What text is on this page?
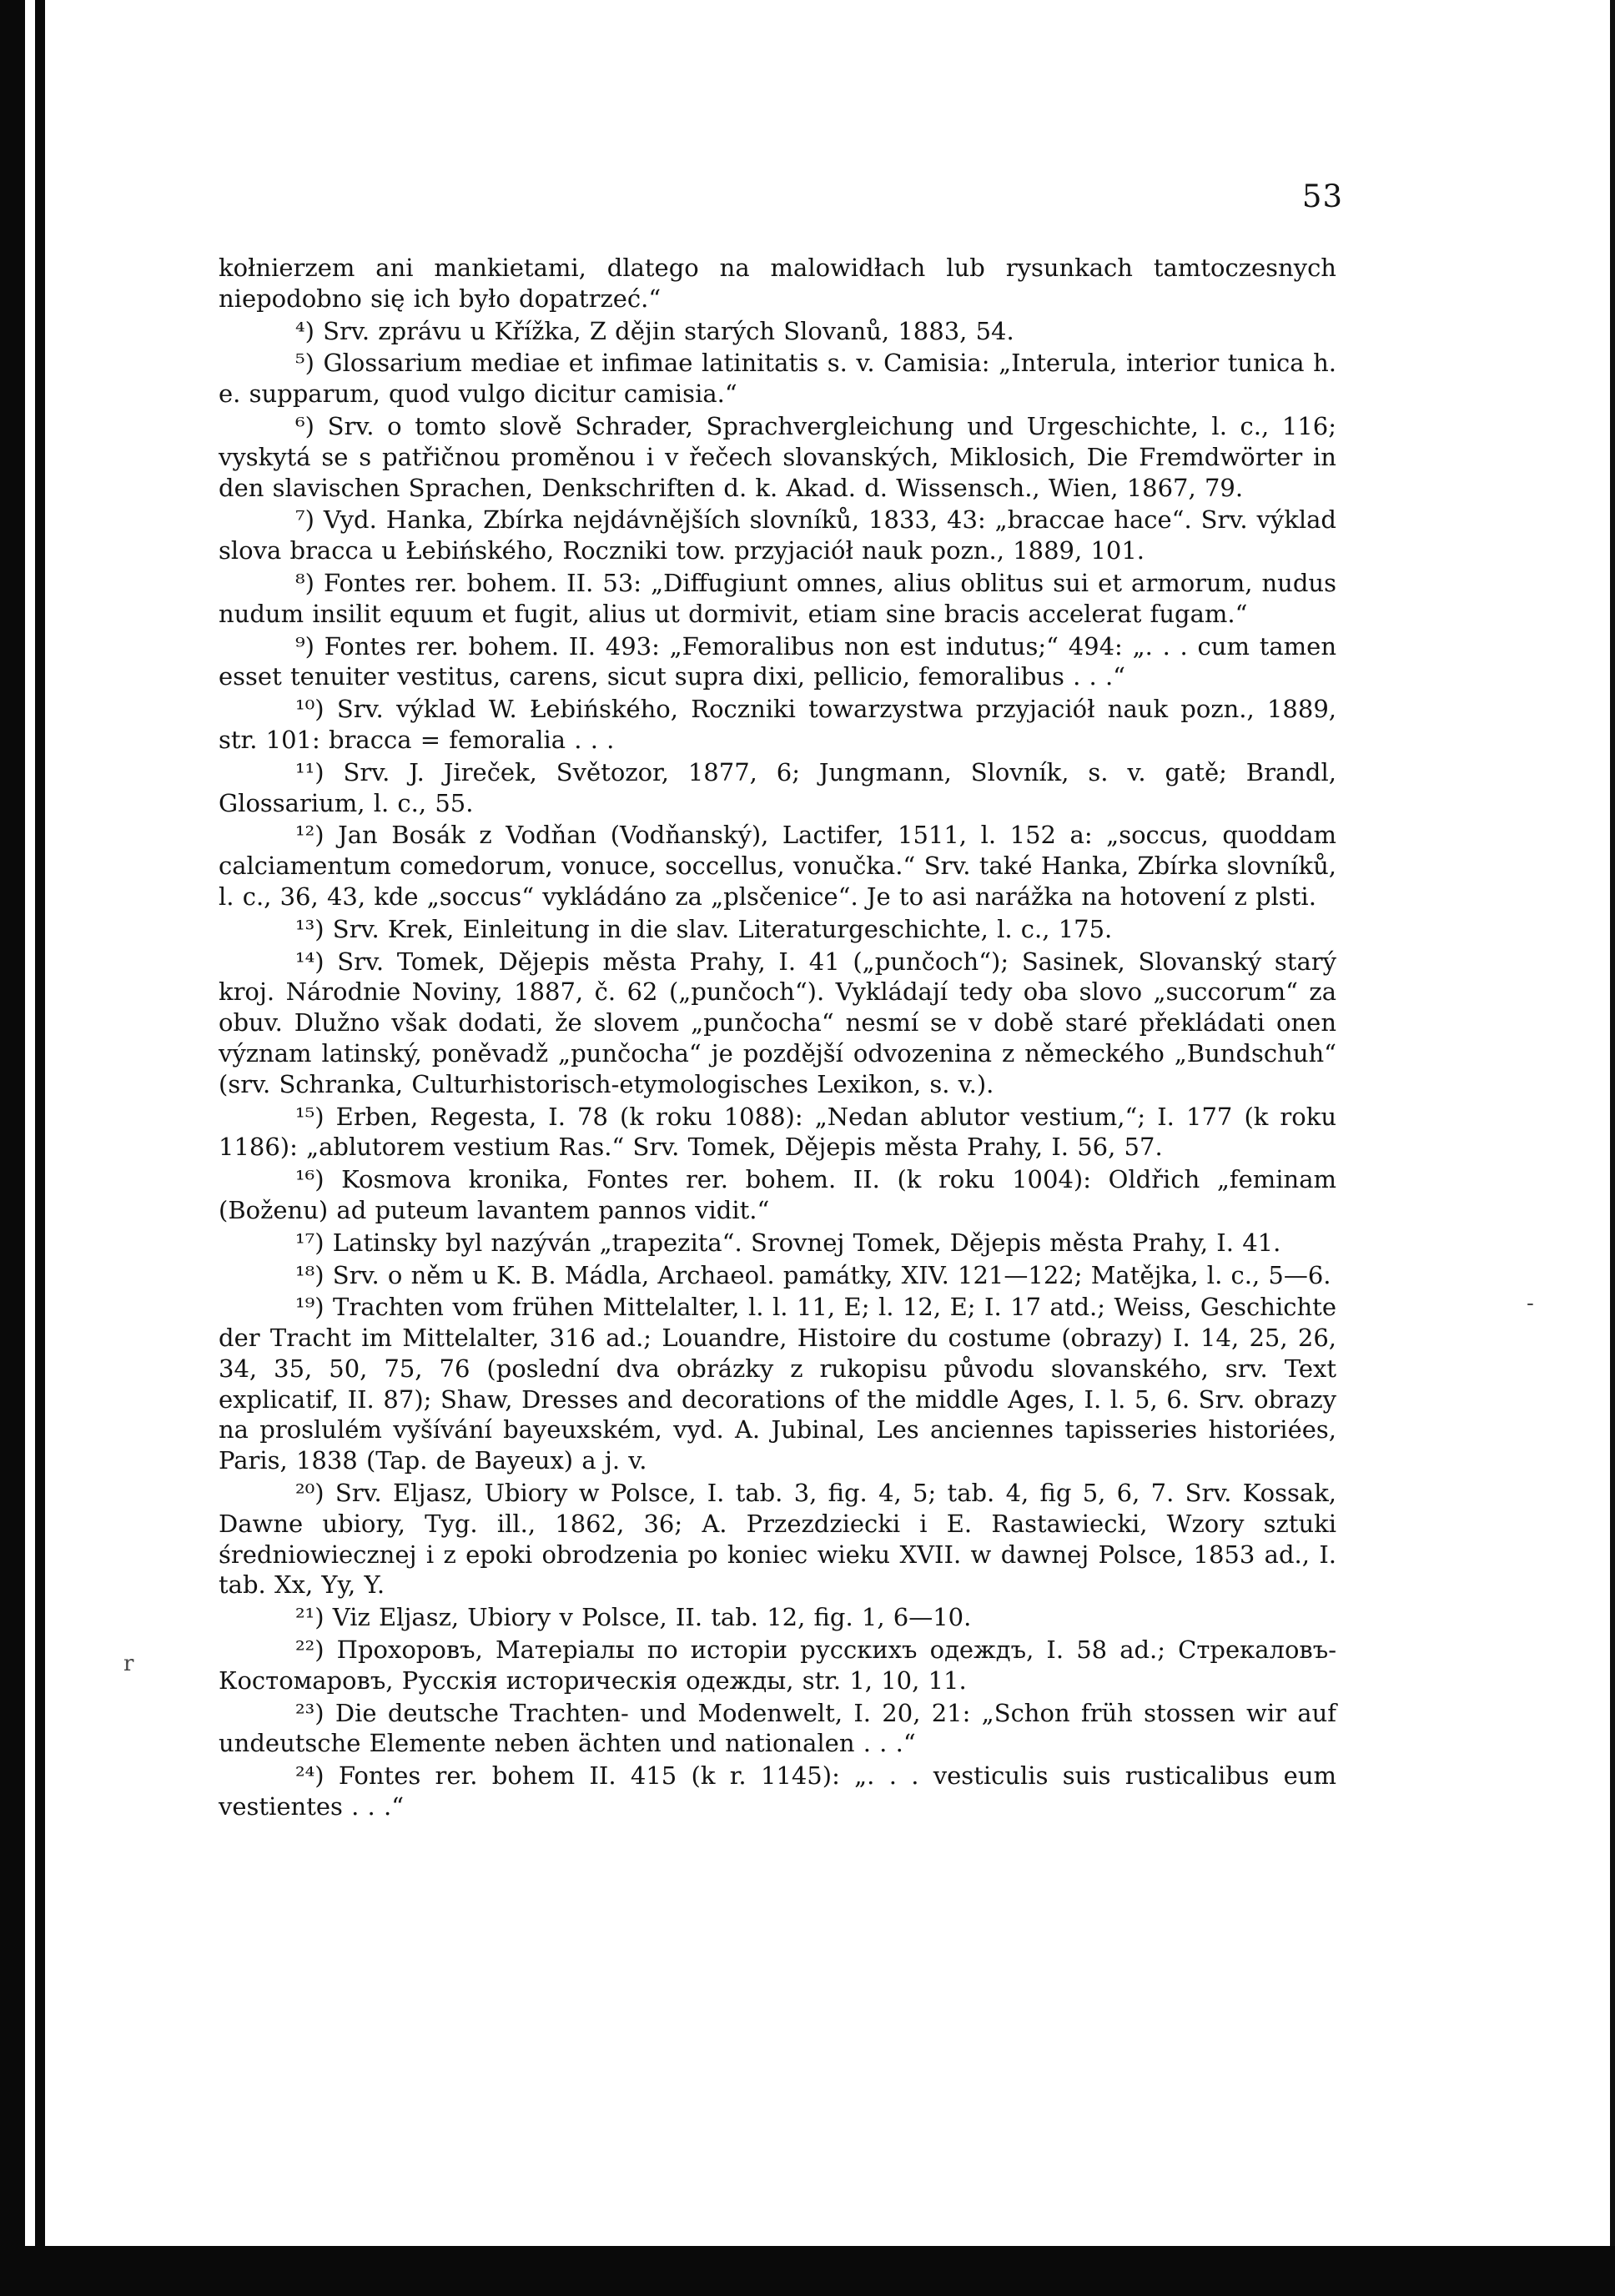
53

kołnierzem ani mankietami, dlatego na malowidłach lub rysunkach tamtoczesnych niepodobno się ich było dopatrzeć.“

⁴) Srv. zprávu u Křížka, Z dějin starých Slovanů, 1883, 54.

⁵) Glossarium mediae et infimae latinitatis s. v. Camisia: „Interula, interior tunica h. e. supparum, quod vulgo dicitur camisia.“

⁶) Srv. o tomto slově Schrader, Sprachvergleichung und Urgeschichte, l. c., 116; vyskytá se s patřičnou proměnou i v řečech slovanských, Miklosich, Die Fremdwörter in den slavischen Sprachen, Denkschriften d. k. Akad. d. Wissensch., Wien, 1867, 79.

⁷) Vyd. Hanka, Zbírka nejdávnějších slovníků, 1833, 43: „braccae hace“. Srv. výklad slova bracca u Łebińského, Roczniki tow. przyjaciół nauk pozn., 1889, 101.

⁸) Fontes rer. bohem. II. 53: „Diffugiunt omnes, alius oblitus sui et armorum, nudus nudum insilit equum et fugit, alius ut dormivit, etiam sine bracis accelerat fugam.“

⁹) Fontes rer. bohem. II. 493: „Femoralibus non est indutus;“ 494: „. . . cum tamen esset tenuiter vestitus, carens, sicut supra dixi, pellicio, femoralibus . . .“

¹⁰) Srv. výklad W. Łebińského, Roczniki towarzystwa przyjaciół nauk pozn., 1889, str. 101: bracca = femoralia . . .

¹¹) Srv. J. Jireček, Světozor, 1877, 6; Jungmann, Slovník, s. v. gatě; Brandl, Glossarium, l. c., 55.

¹²) Jan Bosák z Vodňan (Vodňanský), Lactifer, 1511, l. 152 a: „soccus, quoddam calciamentum comedorum, vonuce, soccellus, vonučka.“ Srv. také Hanka, Zbírka slovníků, l. c., 36, 43, kde „soccus“ vykládáno za „plsčenice“. Je to asi narážka na hotovení z plsti.

¹³) Srv. Krek, Einleitung in die slav. Literaturgeschichte, l. c., 175.

¹⁴) Srv. Tomek, Dějepis města Prahy, I. 41 („punčoch“); Sasinek, Slovanský starý kroj. Národnie Noviny, 1887, č. 62 („punčoch“). Vykládají tedy oba slovo „succorum“ za obuv. Dlužno však dodati, že slovem „punčocha“ nesmí se v době staré překládati onen význam latinský, poněvadž „punčocha“ je pozdější odvozenina z německého „Bundschuh“ (srv. Schranka, Culturhistorisch-etymologisches Lexikon, s. v.).

¹⁵) Erben, Regesta, I. 78 (k roku 1088): „Nedan ablutor vestium,“; I. 177 (k roku 1186): „ablutorem vestium Ras.“ Srv. Tomek, Dějepis města Prahy, I. 56, 57.

¹⁶) Kosmova kronika, Fontes rer. bohem. II. (k roku 1004): Oldřich „feminam (Boženu) ad puteum lavantem pannos vidit.“

¹⁷) Latinsky byl nazýván „trapezita“. Srovnej Tomek, Dějepis města Prahy, I. 41.

¹⁸) Srv. o něm u K. B. Mádla, Archaeol. památky, XIV. 121—122; Matějka, l. c., 5—6.

¹⁹) Trachten vom frühen Mittelalter, l. l. 11, E; l. 12, E; I. 17 atd.; Weiss, Geschichte der Tracht im Mittelalter, 316 ad.; Louandre, Histoire du costume (obrazy) I. 14, 25, 26, 34, 35, 50, 75, 76 (poslední dva obrázky z rukopisu původu slovanského, srv. Text explicatif, II. 87); Shaw, Dresses and decorations of the middle Ages, I. l. 5, 6. Srv. obrazy na proslulém vyšívání bayeuxském, vyd. A. Jubinal, Les anciennes tapisseries historiées, Paris, 1838 (Tap. de Bayeux) a j. v.

²⁰) Srv. Eljasz, Ubiory w Polsce, I. tab. 3, fig. 4, 5; tab. 4, fig 5, 6, 7. Srv. Kossak, Dawne ubiory, Tyg. ill., 1862, 36; A. Przezdziecki i E. Rastawiecki, Wzory sztuki średniowiecznej i z epoki obrodzenia po koniec wieku XVII. w dawnej Polsce, 1853 ad., I. tab. Xx, Yy, Y.

²¹) Viz Eljasz, Ubiory v Polsce, II. tab. 12, fig. 1, 6—10.

²²) Прохоровъ, Матеріалы по исторіи русскихъ одеждъ, I. 58 ad.; Стрекаловъ-Костомаровъ, Русскія историческія одежды, str. 1, 10, 11.

²³) Die deutsche Trachten- und Modenwelt, I. 20, 21: „Schon früh stossen wir auf undeutsche Elemente neben ächten und nationalen . . .“

²⁴) Fontes rer. bohem II. 415 (k r. 1145): „. . . vesticulis suis rusticalibus eum vestientes . . .“

-
r
